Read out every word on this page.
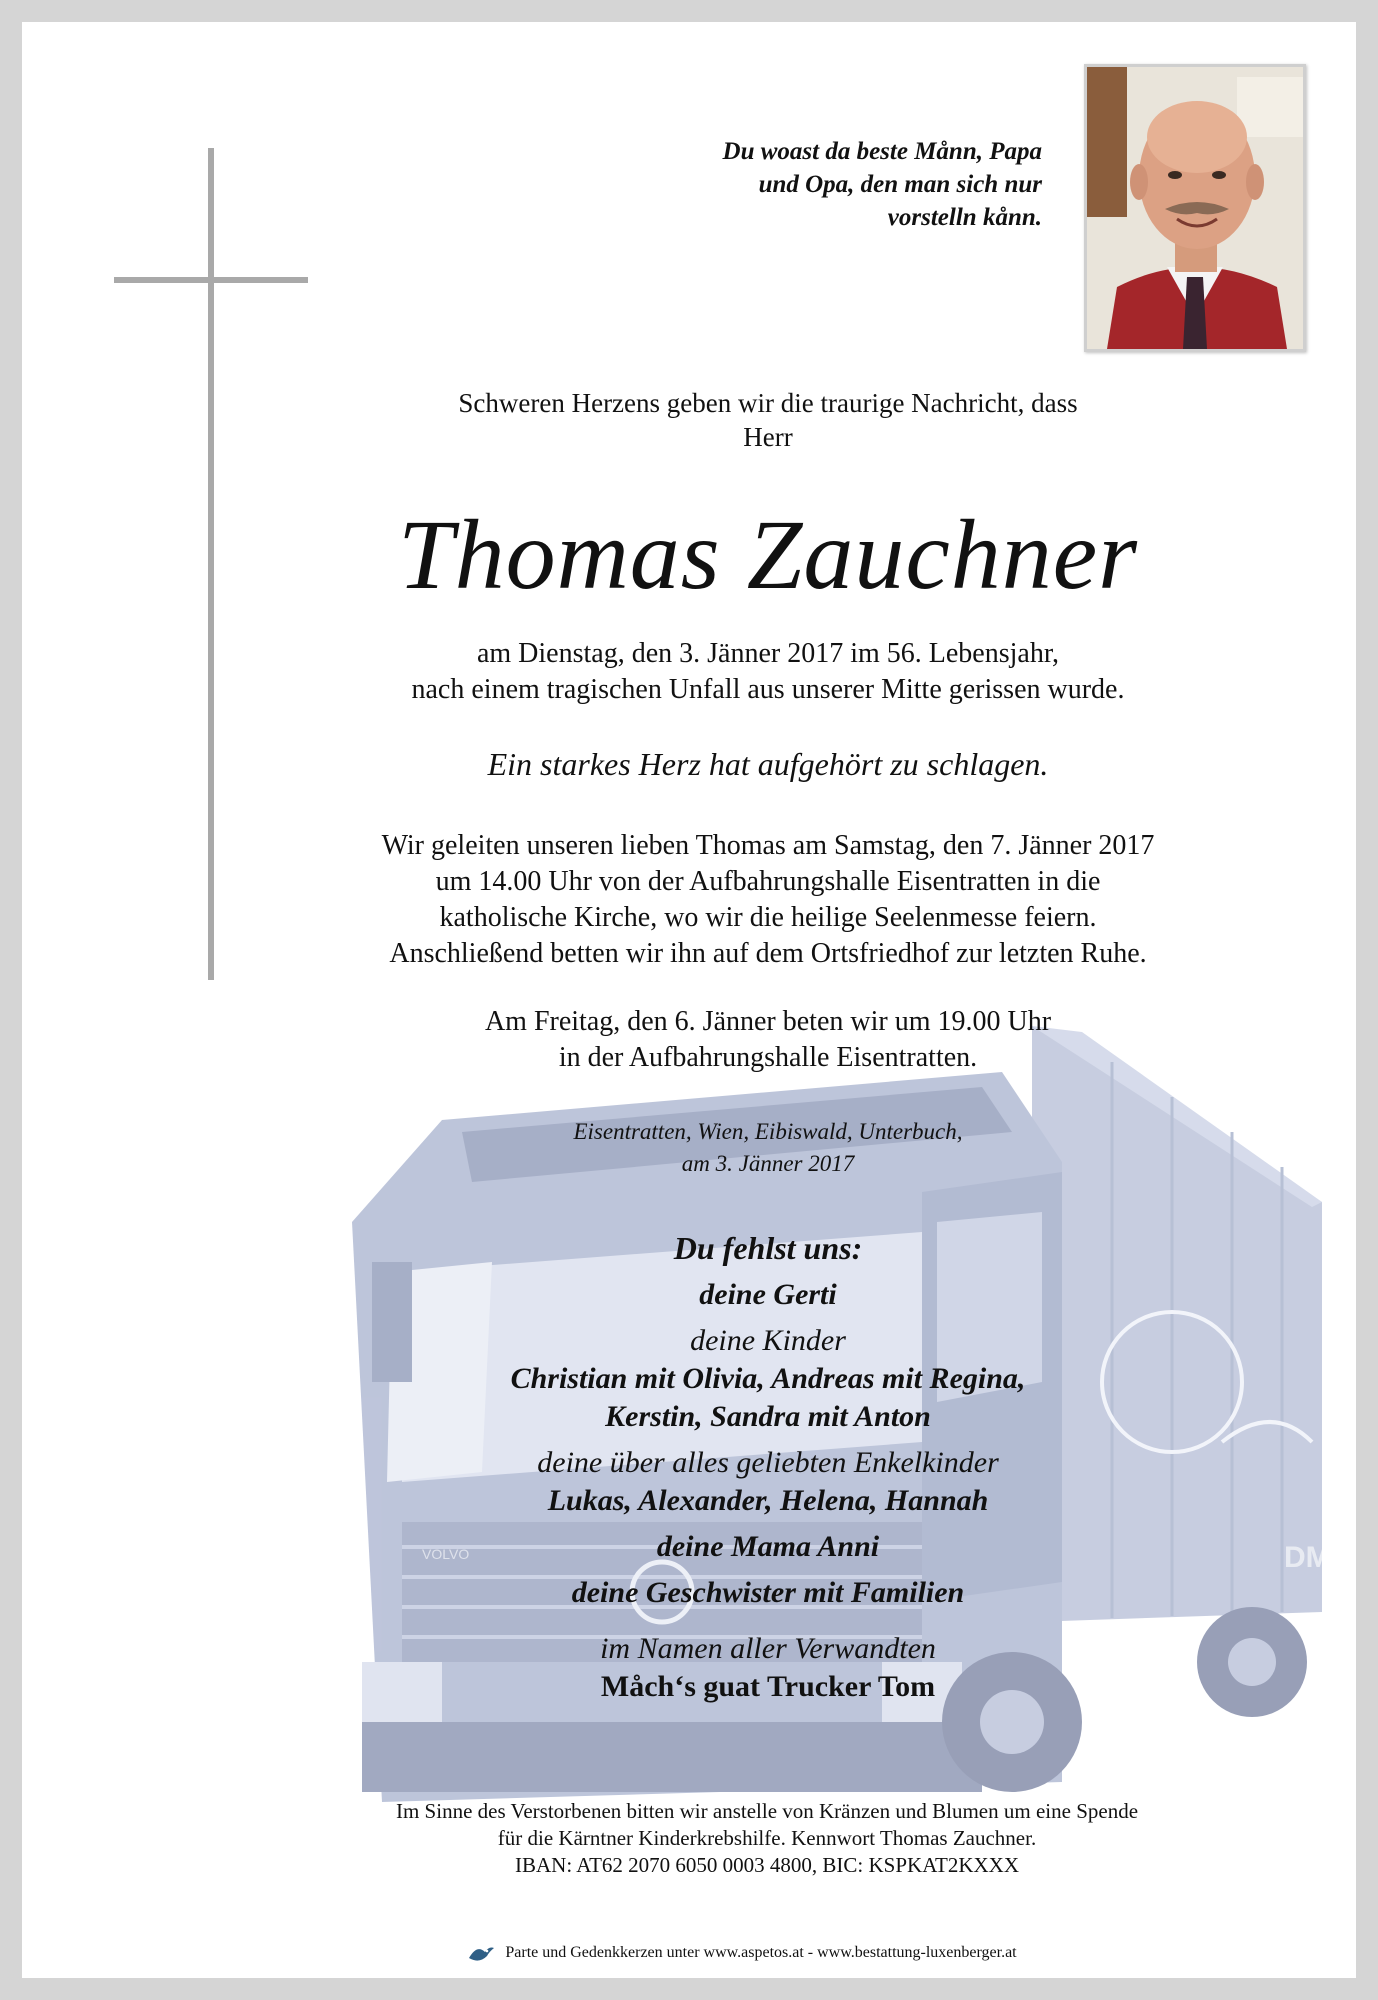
VOLVO	DME
Du woast da beste Månn, Papa
und Opa, den man sich nur
vorstelln kånn.
Schweren Herzens geben wir die traurige Nachricht, dass
Herr
Thomas Zauchner
am Dienstag, den 3. Jänner 2017 im 56. Lebensjahr,
nach einem tragischen Unfall aus unserer Mitte gerissen wurde.
Ein starkes Herz hat aufgehört zu schlagen.
Wir geleiten unseren lieben Thomas am Samstag, den 7. Jänner 2017
um 14.00 Uhr von der Aufbahrungshalle Eisentratten in die
katholische Kirche, wo wir die heilige Seelenmesse feiern.
Anschließend betten wir ihn auf dem Ortsfriedhof zur letzten Ruhe.
Am Freitag, den 6. Jänner beten wir um 19.00 Uhr
in der Aufbahrungshalle Eisentratten.
Eisentratten, Wien, Eibiswald, Unterbuch,
am 3. Jänner 2017
Du fehlst uns:
deine Gerti
deine Kinder
Christian mit Olivia, Andreas mit Regina,
Kerstin, Sandra mit Anton
deine über alles geliebten Enkelkinder
Lukas, Alexander, Helena, Hannah
deine Mama Anni
deine Geschwister mit Familien
im Namen aller Verwandten
Måch‘s guat Trucker Tom
Im Sinne des Verstorbenen bitten wir anstelle von Kränzen und Blumen um eine Spende
für die Kärntner Kinderkrebshilfe. Kennwort Thomas Zauchner.
IBAN: AT62 2070 6050 0003 4800, BIC: KSPKAT2KXXX
Parte und Gedenkkerzen unter www.aspetos.at - www.bestattung-luxenberger.at
